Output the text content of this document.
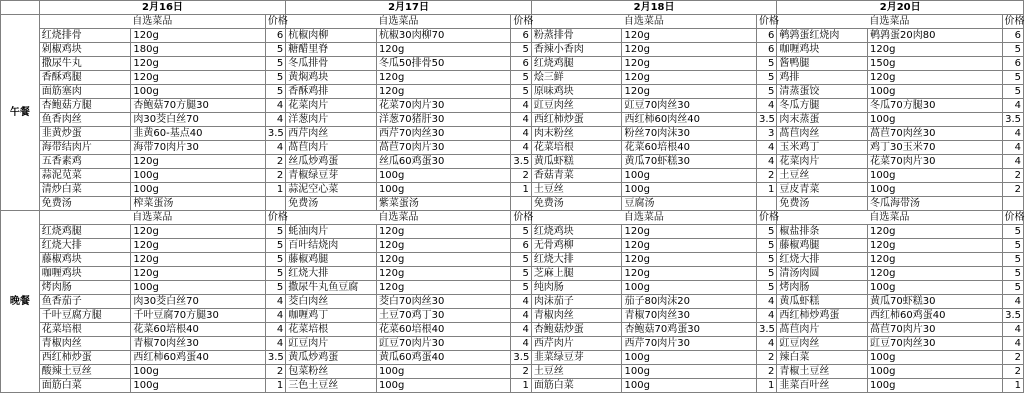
	2月16日			2月17日			2月18日			2月20日		
午餐	自选菜品		价格	自选菜品		价格	自选菜品		价格	自选菜品		价格
	红烧排骨	120g	6	杭椒肉柳	杭椒30肉柳70	6	粉蒸排骨	120g	6	鹌鹑蛋红烧肉	鹌鹑蛋20肉80	6
	剁椒鸡块	180g	5	糖醋里脊	120g	5	香辣小香肉	120g	6	咖喱鸡块	120g	5
	撒尿牛丸	120g	5	冬瓜排骨	冬瓜50排骨50	6	红烧鸡腿	120g	5	酱鸭腿	150g	6
	香酥鸡腿	120g	5	黄焖鸡块	120g	5	烩三鲜	120g	5	鸡排	120g	5
	面筋塞肉	100g	5	香酥鸡排	120g	5	原味鸡块	120g	5	清蒸蛋饺	100g	5
	杏鲍菇方腿	杏鲍菇70方腿30	4	花菜肉片	花菜70肉片30	4	豇豆肉丝	豇豆70肉丝30	4	冬瓜方腿	冬瓜70方腿30	4
	鱼香肉丝	肉30茭白丝70	4	洋葱肉片	洋葱70猪肝30	4	西红柿炒蛋	西红柿60肉丝40	3.5	肉末蒸蛋	100g	3.5
	韭黄炒蛋	韭黄60-基点40	3.5	西芹肉丝	西芹70肉丝30	4	肉末粉丝	粉丝70肉沫30	3	萵苣肉丝	萵苣70肉丝30	4
	海带结肉片	海带70肉片30	4	萵苣肉片	萵苣70肉片30	4	花菜培根	花菜60培根40	4	玉米鸡丁	鸡丁30玉米70	4
	五香素鸡	120g	2	丝瓜炒鸡蛋	丝瓜60鸡蛋30	3.5	黄瓜虾糕	黄瓜70虾糕30	4	花菜肉片	花菜70肉片30	4
	蒜泥苋菜	100g	2	青椒绿豆芽	100g	2	香菇青菜	100g	2	土豆丝	100g	2
	清炒白菜	100g	1	蒜泥空心菜	100g	1	土豆丝	100g	1	豆皮青菜	100g	2
	免费汤	榨菜蛋汤		免费汤	紫菜蛋汤		免费汤	豆腐汤		免费汤	冬瓜海带汤	
晚餐	自选菜品		价格	自选菜品		价格	自选菜品		价格	自选菜品		价格
	红烧鸡腿	120g	5	蚝油肉片	120g	5	红烧鸡块	120g	5	椒盐排条	120g	5
	红烧大排	120g	5	百叶结烧肉	120g	6	无骨鸡柳	120g	5	藤椒鸡腿	120g	5
	藤椒鸡块	120g	5	藤椒鸡腿	120g	5	红烧大排	120g	5	红烧大排	120g	5
	咖喱鸡块	120g	5	红烧大排	120g	5	芝麻上腿	120g	5	清汤肉圆	120g	5
	烤肉肠	100g	5	撒尿牛丸鱼豆腐	120g	5	纯肉肠	100g	5	烤肉肠	100g	5
	鱼香茄子	肉30茭白丝70	4	茭白肉丝	茭白70肉丝30	4	肉沫茄子	茄子80肉沫20	4	黄瓜虾糕	黄瓜70虾糕30	4
	千叶豆腐方腿	千叶豆腐70方腿30	4	咖喱鸡丁	土豆70鸡丁30	4	青椒肉丝	青椒70肉丝30	4	西红柿炒鸡蛋	西红柿60鸡蛋40	3.5
	花菜培根	花菜60培根40	4	花菜培根	花菜60培根40	4	杏鲍菇炒蛋	杏鲍菇70鸡蛋30	3.5	萵苣肉片	萵苣70肉片30	4
	青椒肉丝	青椒70肉丝30	4	豇豆肉片	豇豆70肉片30	4	西芹肉片	西芹70肉片30	4	豇豆肉丝	豇豆70肉丝30	4
	西红柿炒蛋	西红柿60鸡蛋40	3.5	黄瓜炒鸡蛋	黄瓜60鸡蛋40	3.5	韭菜绿豆芽	100g	2	辣白菜	100g	2
	酸辣土豆丝	100g	2	包菜粉丝	100g	2	土豆丝	100g	2	青椒土豆丝	100g	2
	面筋白菜	100g	1	三色土豆丝	100g	1	面筋白菜	100g	1	韭菜百叶丝	100g	1
